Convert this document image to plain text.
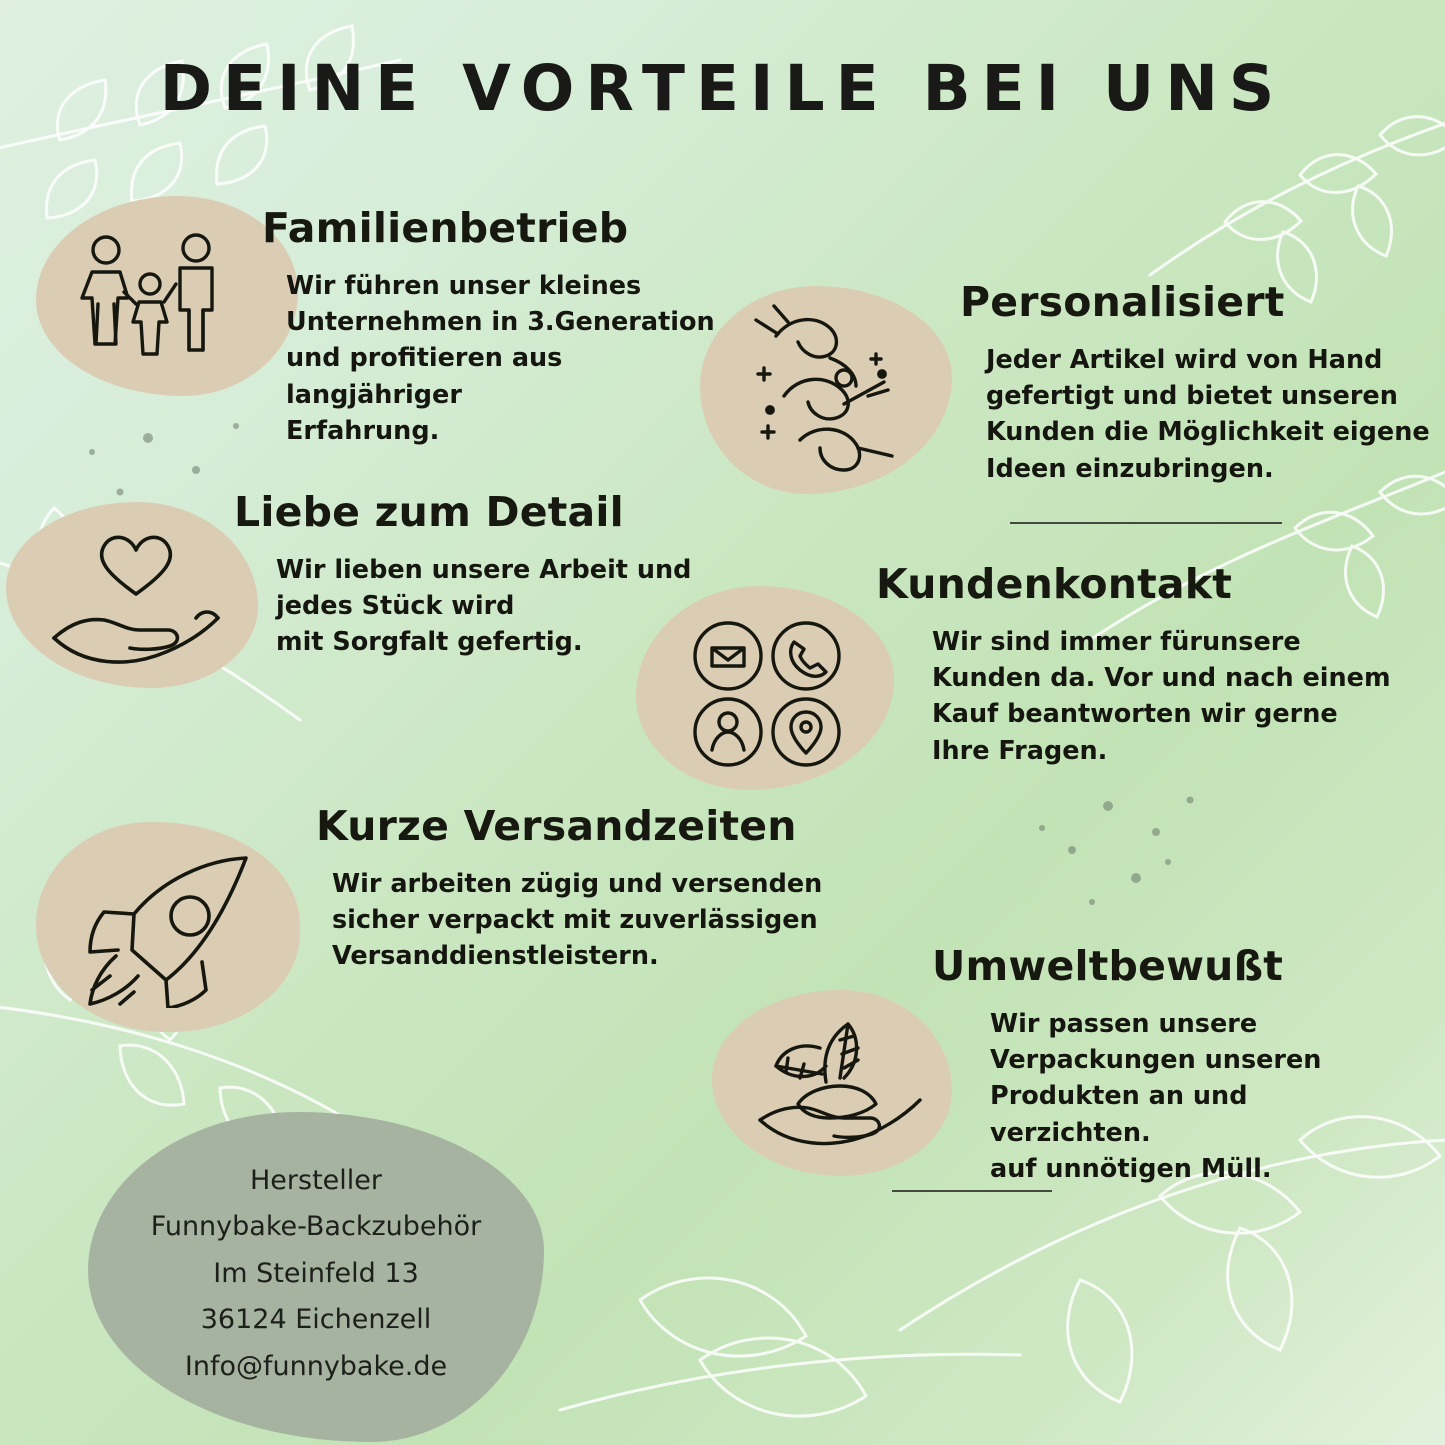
DEINE VORTEILE BEI UNS
Familienbetrieb

Wir führen unser kleines
Unternehmen in 3.Generation
und profitieren aus langjähriger
Erfahrung.

Personalisiert

Jeder Artikel wird von Hand
gefertigt und bietet unseren
Kunden die Möglichkeit eigene
Ideen einzubringen.

Liebe zum Detail

Wir lieben unsere Arbeit und
jedes Stück wird
mit Sorgfalt gefertig.

Kundenkontakt

Wir sind immer fürunsere
Kunden da. Vor und nach einem
Kauf beantworten wir gerne
Ihre Fragen.

Kurze Versandzeiten

Wir arbeiten zügig und versenden
sicher verpackt mit zuverlässigen
Versanddienstleistern.	Umweltbewußt

Wir passen unsere
Verpackungen unseren
Produkten an und verzichten.
auf unnötigen Müll.

Hersteller
Funnybake-Backzubehör
Im Steinfeld 13
36124 Eichenzell
Info@funnybake.de
